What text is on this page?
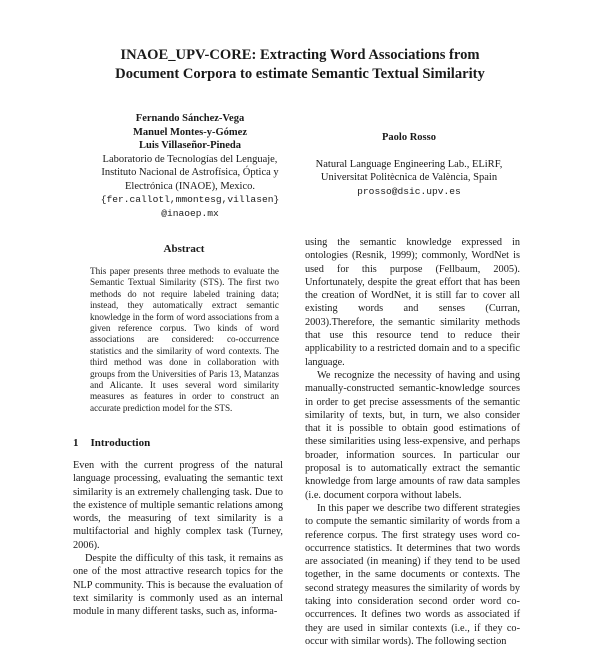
INAOE_UPV-CORE: Extracting Word Associations from
Document Corpora to estimate Semantic Textual Similarity
Fernando Sánchez-Vega
Manuel Montes-y-Gómez
Luis Villaseñor-Pineda
Laboratorio de Tecnologías del Lenguaje,
Instituto Nacional de Astrofísica, Óptica y
Electrónica (INAOE), Mexico.
{fer.callotl,mmontesg,villasen}
@inaoep.mx
Paolo Rosso
Natural Language Engineering Lab., ELiRF,
Universitat Politècnica de València, Spain
prosso@dsic.upv.es
Abstract

This paper presents three methods to evaluate the Semantic Textual Similarity (STS). The first two methods do not require labeled training data; instead, they automatically extract semantic knowledge in the form of word associations from a given reference corpus. Two kinds of word associations are considered: co-occurrence statistics and the similarity of word contexts. The third method was done in collaboration with groups from the Universities of Paris 13, Matanzas and Alicante. It uses several word similarity measures as features in order to construct an accurate prediction model for the STS.

1 Introduction

Even with the current progress of the natural language processing, evaluating the semantic text similarity is an extremely challenging task. Due to the existence of multiple semantic relations among words, the measuring of text similarity is a multifactorial and highly complex task (Turney, 2006).

Despite the difficulty of this task, it remains as one of the most attractive research topics for the NLP community. This is because the evaluation of text similarity is commonly used as an internal module in many different tasks, such as, informa-

using the semantic knowledge expressed in ontologies (Resnik, 1999); commonly, WordNet is used for this purpose (Fellbaum, 2005). Unfortunately, despite the great effort that has been the creation of WordNet, it is still far to cover all existing words and senses (Curran, 2003).Therefore, the semantic similarity methods that use this resource tend to reduce their applicability to a restricted domain and to a specific language.

We recognize the necessity of having and using manually-constructed semantic-knowledge sources in order to get precise assessments of the semantic similarity of texts, but, in turn, we also consider that it is possible to obtain good estimations of these similarities using less-expensive, and perhaps broader, information sources. In particular our proposal is to automatically extract the semantic knowledge from large amounts of raw data samples (i.e. document corpora without labels.

In this paper we describe two different strategies to compute the semantic similarity of words from a reference corpus. The first strategy uses word co-occurrence statistics. It determines that two words are associated (in meaning) if they tend to be used together, in the same documents or contexts. The second strategy measures the similarity of words by taking into consideration second order word co-occurrences. It defines two words as associated if they are used in similar contexts (i.e., if they co-occur with similar words). The following section
